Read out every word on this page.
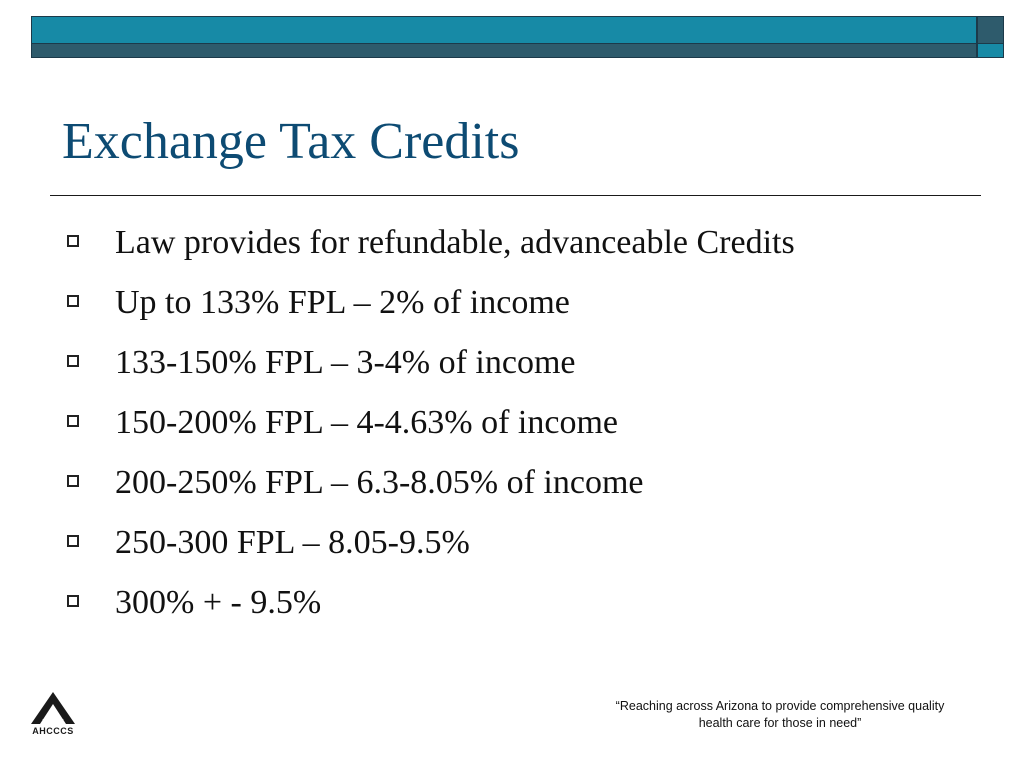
Exchange Tax Credits
Law provides for refundable, advanceable Credits
Up to 133% FPL – 2% of income
133-150% FPL – 3-4% of income
150-200% FPL – 4-4.63% of income
200-250% FPL – 6.3-8.05% of income
250-300 FPL – 8.05-9.5%
300% + - 9.5%
AHCCCS
“Reaching across Arizona to provide comprehensive quality
health care for those in need”
